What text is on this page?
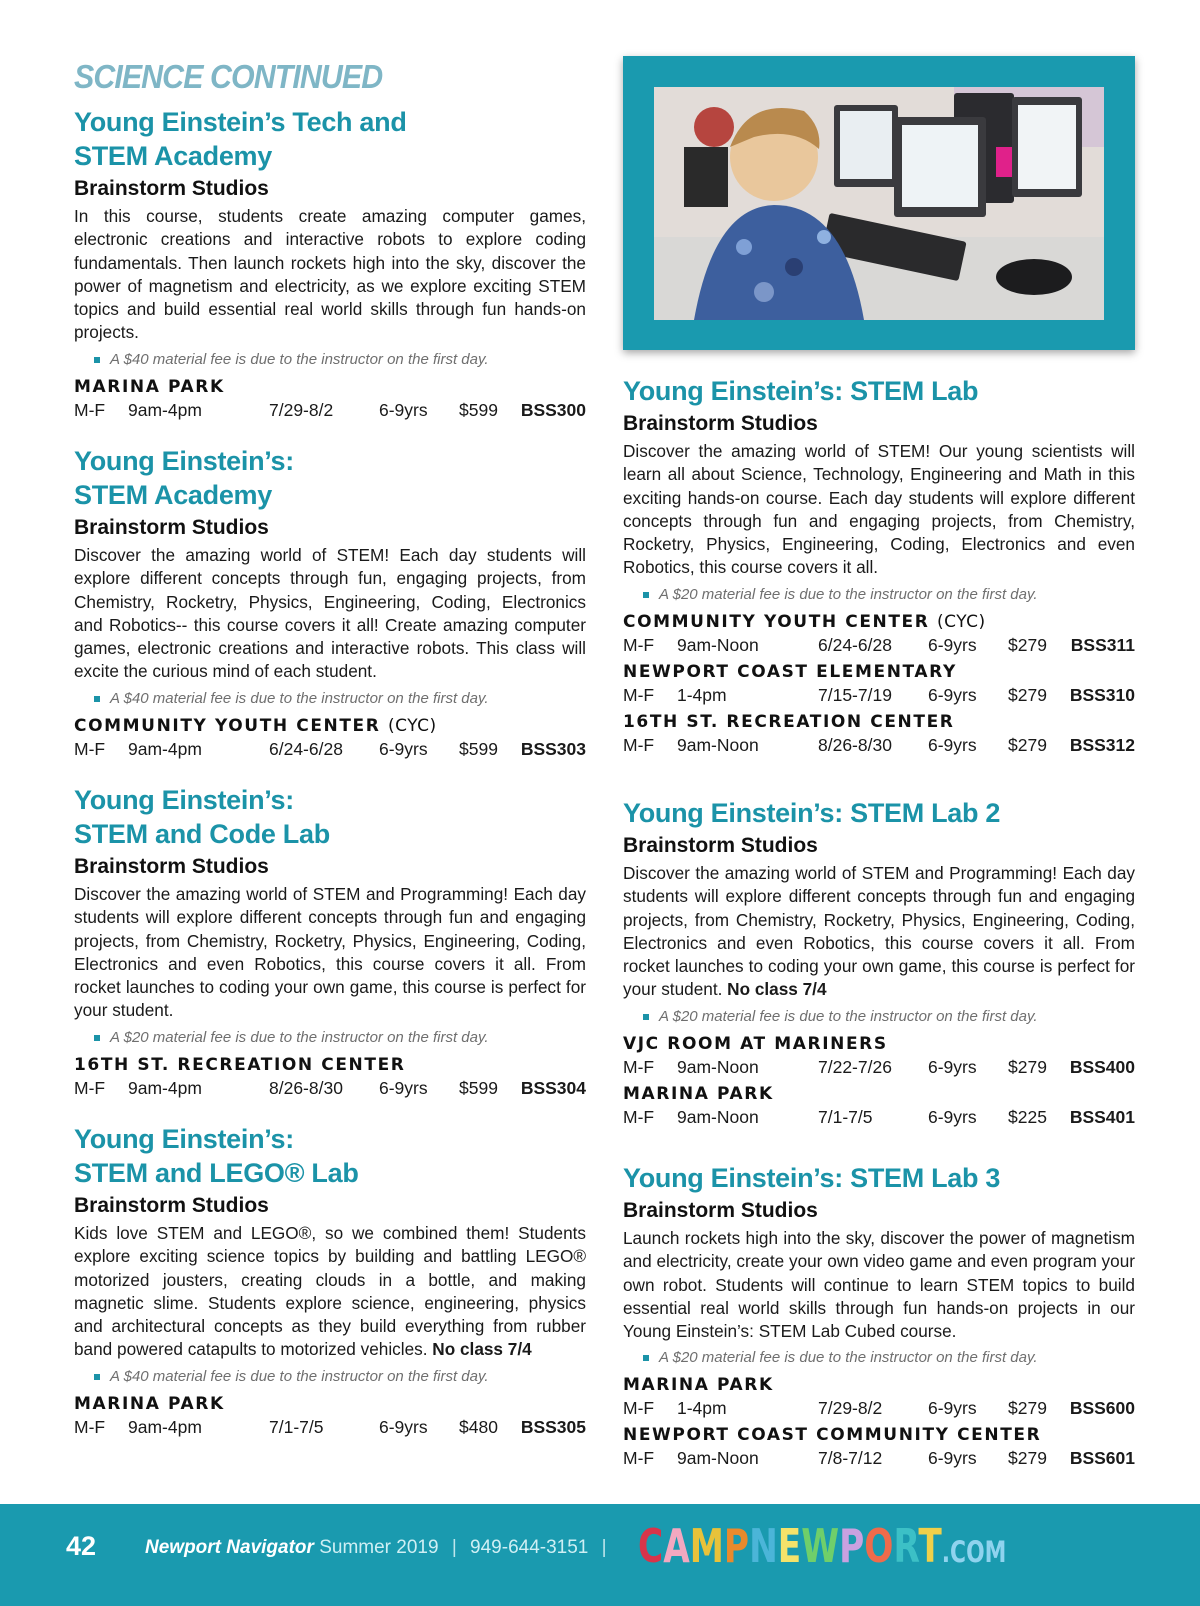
SCIENCE CONTINUED
Young Einstein’s Tech and
STEM Academy
Brainstorm Studios
In this course, students create amazing computer games, electronic creations and interactive robots to explore coding fundamentals. Then launch rockets high into the sky, discover the power of magnetism and electricity, as we explore exciting STEM topics and build essential real world skills through fun hands-on projects.
A $40 material fee is due to the instructor on the first day.
MARINA PARK
M-F 9am-4pm	7/29-8/2	6-9yrs $599 BSS300
Young Einstein’s:
STEM Academy
Brainstorm Studios
Discover the amazing world of STEM! Each day students will explore different concepts through fun, engaging projects, from Chemistry, Rocketry, Physics, Engineering, Coding, Electronics and Robotics-- this course covers it all! Create amazing computer games, electronic creations and interactive robots. This class will excite the curious mind of each student.
A $40 material fee is due to the instructor on the first day.
COMMUNITY YOUTH CENTER (CYC)
M-F 9am-4pm	6/24-6/28 6-9yrs $599 BSS303
Young Einstein’s:
STEM and Code Lab
Brainstorm Studios
Discover the amazing world of STEM and Programming! Each day students will explore different concepts through fun and engaging projects, from Chemistry, Rocketry, Physics, Engineering, Coding, Electronics and even Robotics, this course covers it all. From rocket launches to coding your own game, this course is perfect for your student.
A $20 material fee is due to the instructor on the first day.
16TH ST. RECREATION CENTER
M-F 9am-4pm	8/26-8/30 6-9yrs $599 BSS304
Young Einstein’s:
STEM and LEGO® Lab
Brainstorm Studios
Kids love STEM and LEGO®, so we combined them! Students explore exciting science topics by building and battling LEGO® motorized jousters, creating clouds in a bottle, and making magnetic slime. Students explore science, engineering, physics and architectural concepts as they build everything from rubber band powered catapults to motorized vehicles. No class 7/4
A $40 material fee is due to the instructor on the first day.
MARINA PARK
M-F 9am-4pm	7/1-7/5	6-9yrs $480 BSS305
Young Einstein’s: STEM Lab
Brainstorm Studios
Discover the amazing world of STEM! Our young scientists will learn all about Science, Technology, Engineering and Math in this exciting hands-on course. Each day students will explore different concepts through fun and engaging projects, from Chemistry, Rocketry, Physics, Engineering, Coding, Electronics and even Robotics, this course covers it all.
A $20 material fee is due to the instructor on the first day.
COMMUNITY YOUTH CENTER (CYC)
M-F 9am-Noon	6/24-6/28 6-9yrs $279 BSS311
NEWPORT COAST ELEMENTARY
M-F 1-4pm	7/15-7/19 6-9yrs $279 BSS310
16TH ST. RECREATION CENTER
M-F 9am-Noon	8/26-8/30 6-9yrs $279 BSS312
Young Einstein’s: STEM Lab 2
Brainstorm Studios
Discover the amazing world of STEM and Programming! Each day students will explore different concepts through fun and engaging projects, from Chemistry, Rocketry, Physics, Engineering, Coding, Electronics and even Robotics, this course covers it all. From rocket launches to coding your own game, this course is perfect for your student. No class 7/4
A $20 material fee is due to the instructor on the first day.
VJC ROOM AT MARINERS
M-F 9am-Noon	7/22-7/26 6-9yrs $279 BSS400
MARINA PARK
M-F 9am-Noon	7/1-7/5	6-9yrs $225 BSS401
Young Einstein’s: STEM Lab 3
Brainstorm Studios
Launch rockets high into the sky, discover the power of magnetism and electricity, create your own video game and even program your own robot. Students will continue to learn STEM topics to build essential real world skills through fun hands-on projects in our Young Einstein’s: STEM Lab Cubed course.
A $20 material fee is due to the instructor on the first day.
MARINA PARK
M-F 1-4pm	7/29-8/2	6-9yrs $279 BSS600
NEWPORT COAST COMMUNITY CENTER
M-F 9am-Noon	7/8-7/12	6-9yrs $279 BSS601
42	Newport Navigator Summer 2019 | 949-644-3151 | CAMPNEWPORT.COM
